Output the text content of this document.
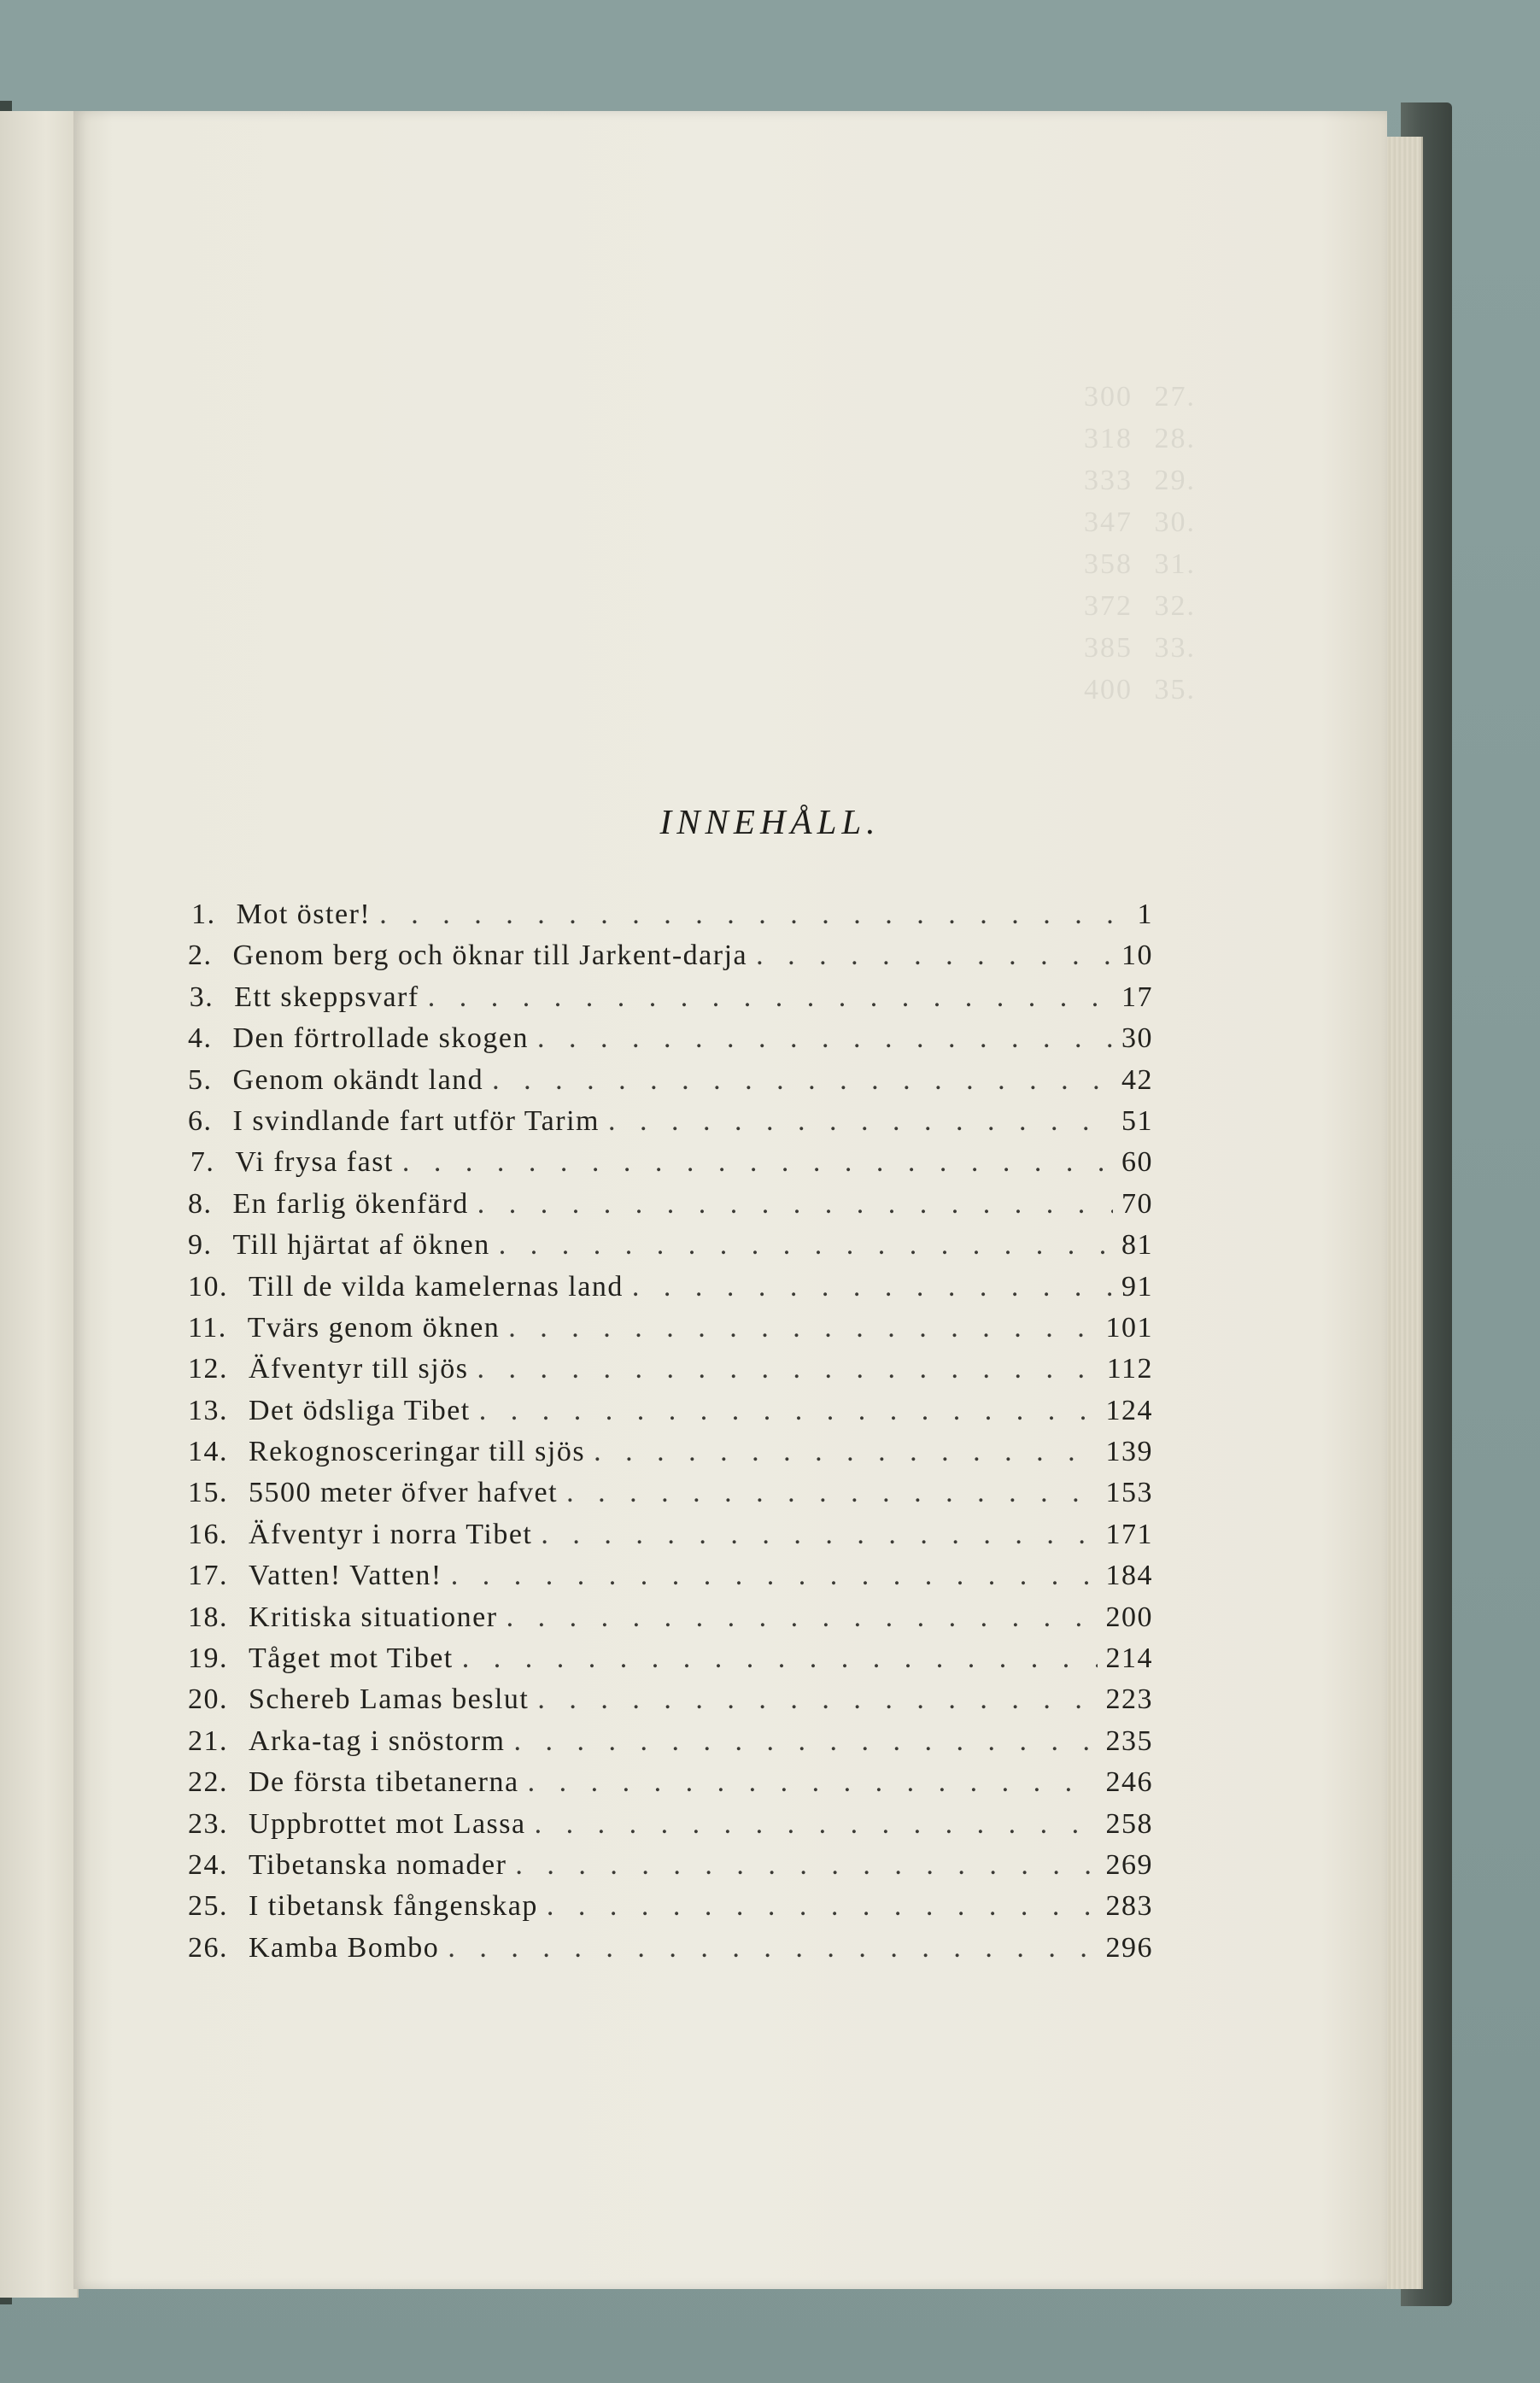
300 27.
318 28.
333 29.
347 30.
358 31.
372 32.
385 33.
400 35.
INNEHÅLL.
1. Mot öster! . . .	1
2. Genom berg och öknar till Jarkent-darja . . .	10
3. Ett skeppsvarf . . .	17
4. Den förtrollade skogen . . .	30
5. Genom okändt land . . .	42
6. I svindlande fart utför Tarim . . .	51
7. Vi frysa fast . . .	60
8. En farlig ökenfärd . . .	70
9. Till hjärtat af öknen . . .	81
10. Till de vilda kamelernas land . . .	91
11. Tvärs genom öknen . . .	101
12. Äfventyr till sjös . . .	112
13. Det ödsliga Tibet . . .	124
14. Rekognosceringar till sjös . . .	139
15. 5500 meter öfver hafvet . . .	153
16. Äfventyr i norra Tibet . . .	171
17. Vatten! Vatten! . . .	184
18. Kritiska situationer . . .	200
19. Tåget mot Tibet . . .	214
20. Schereb Lamas beslut . . .	223
21. Arka-tag i snöstorm . . .	235
22. De första tibetanerna . . .	246
23. Uppbrottet mot Lassa . . .	258
24. Tibetanska nomader . . .	269
25. I tibetansk fångenskap . . .	283
26. Kamba Bombo . . .	296
